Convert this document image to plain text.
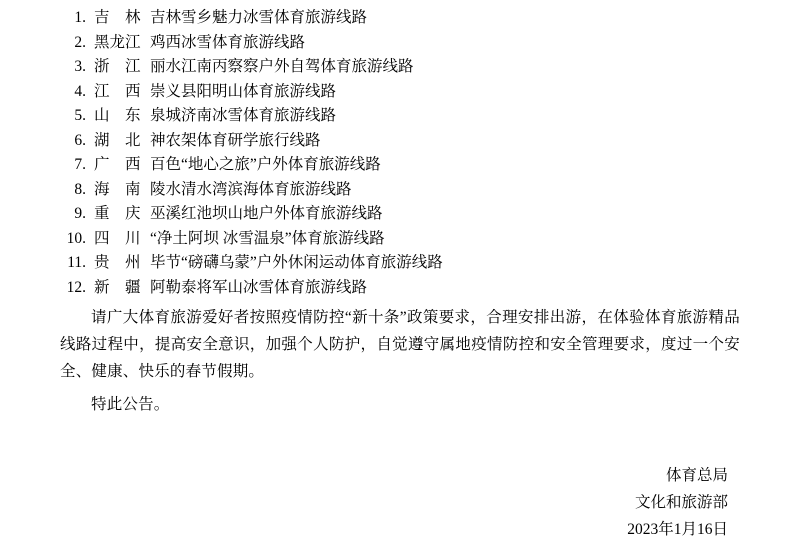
1. 吉　林 吉林雪乡魅力冰雪体育旅游线路
2. 黑龙江 鸡西冰雪体育旅游线路
3. 浙　江 丽水江南丙察察户外自驾体育旅游线路
4. 江　西 崇义县阳明山体育旅游线路
5. 山　东 泉城济南冰雪体育旅游线路
6. 湖　北 神农架体育研学旅行线路
7. 广　西 百色“地心之旅”户外体育旅游线路
8. 海　南 陵水清水湾滨海体育旅游线路
9. 重　庆 巫溪红池坝山地户外体育旅游线路
10. 四　川 “净土阿坝 冰雪温泉”体育旅游线路
11. 贵　州 毕节“磅礴乌蒙”户外休闲运动体育旅游线路
12. 新　疆 阿勒泰将军山冰雪体育旅游线路

请广大体育旅游爱好者按照疫情防控“新十条”政策要求，合理安排出游，在体验体育旅游精品线路过程中，提高安全意识，加强个人防护，自觉遵守属地疫情防控和安全管理要求，度过一个安全、健康、快乐的春节假期。

特此公告。

体育总局
文化和旅游部
2023年1月16日
